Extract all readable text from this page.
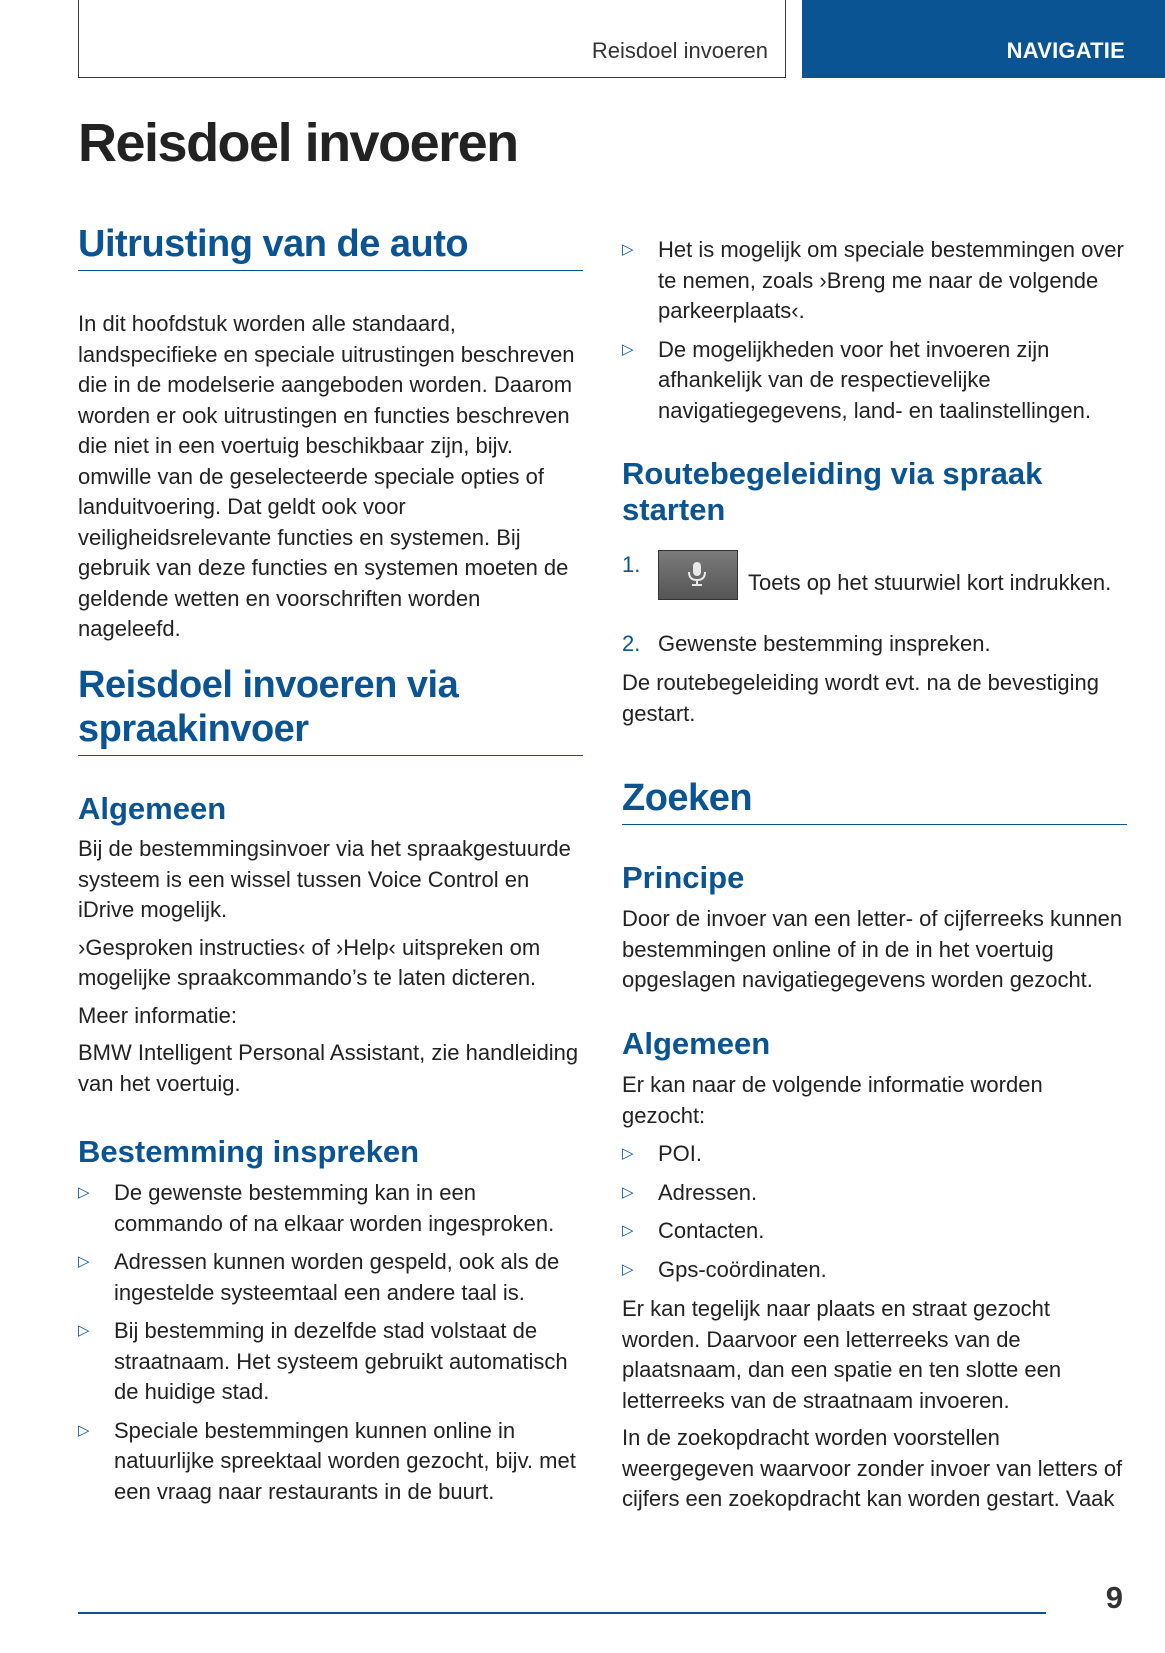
Reisdoel invoeren	NAVIGATIE
Reisdoel invoeren
Uitrusting van de auto

In dit hoofdstuk worden alle standaard, landspecifieke en speciale uitrustingen beschreven die in de modelserie aangeboden worden. Daarom worden er ook uitrustingen en functies beschreven die niet in een voertuig beschikbaar zijn, bijv. omwille van de geselecteerde speciale opties of landuitvoering. Dat geldt ook voor veiligheidsrelevante functies en systemen. Bij gebruik van deze functies en systemen moeten de geldende wetten en voorschriften worden nageleefd.

Reisdoel invoeren via spraakinvoer
Algemeen

Bij de bestemmingsinvoer via het spraakgestuurde systeem is een wissel tussen Voice Control en iDrive mogelijk.

›Gesproken instructies‹ of ›Help‹ uitspreken om mogelijke spraakcommando’s te laten dicteren.

Meer informatie:

BMW Intelligent Personal Assistant, zie handleiding van het voertuig.

Bestemming inspreken
▷ De gewenste bestemming kan in een commando of na elkaar worden ingesproken.
▷ Adressen kunnen worden gespeld, ook als de ingestelde systeemtaal een andere taal is.
▷ Bij bestemming in dezelfde stad volstaat de straatnaam. Het systeem gebruikt automatisch de huidige stad.
▷ Speciale bestemmingen kunnen online in natuurlijke spreektaal worden gezocht, bijv. met een vraag naar restaurants in de buurt.
▷ Het is mogelijk om speciale bestemmingen over te nemen, zoals ›Breng me naar de volgende parkeerplaats‹.
▷ De mogelijkheden voor het invoeren zijn afhankelijk van de respectievelijke navigatiegegevens, land- en taalinstellingen.
Routebegeleiding via spraak starten
1.
Toets op het stuurwiel kort indrukken.
2. Gewenste bestemming inspreken.

De routebegeleiding wordt evt. na de bevestiging gestart.

Zoeken
Principe

Door de invoer van een letter- of cijferreeks kunnen bestemmingen online of in de in het voertuig opgeslagen navigatiegegevens worden gezocht.

Algemeen

Er kan naar de volgende informatie worden gezocht:

▷ POI.
▷ Adressen.
▷ Contacten.
▷ Gps-coördinaten.

Er kan tegelijk naar plaats en straat gezocht worden. Daarvoor een letterreeks van de plaatsnaam, dan een spatie en ten slotte een letterreeks van de straatnaam invoeren.

In de zoekopdracht worden voorstellen weergegeven waarvoor zonder invoer van letters of cijfers een zoekopdracht kan worden gestart. Vaak

9
